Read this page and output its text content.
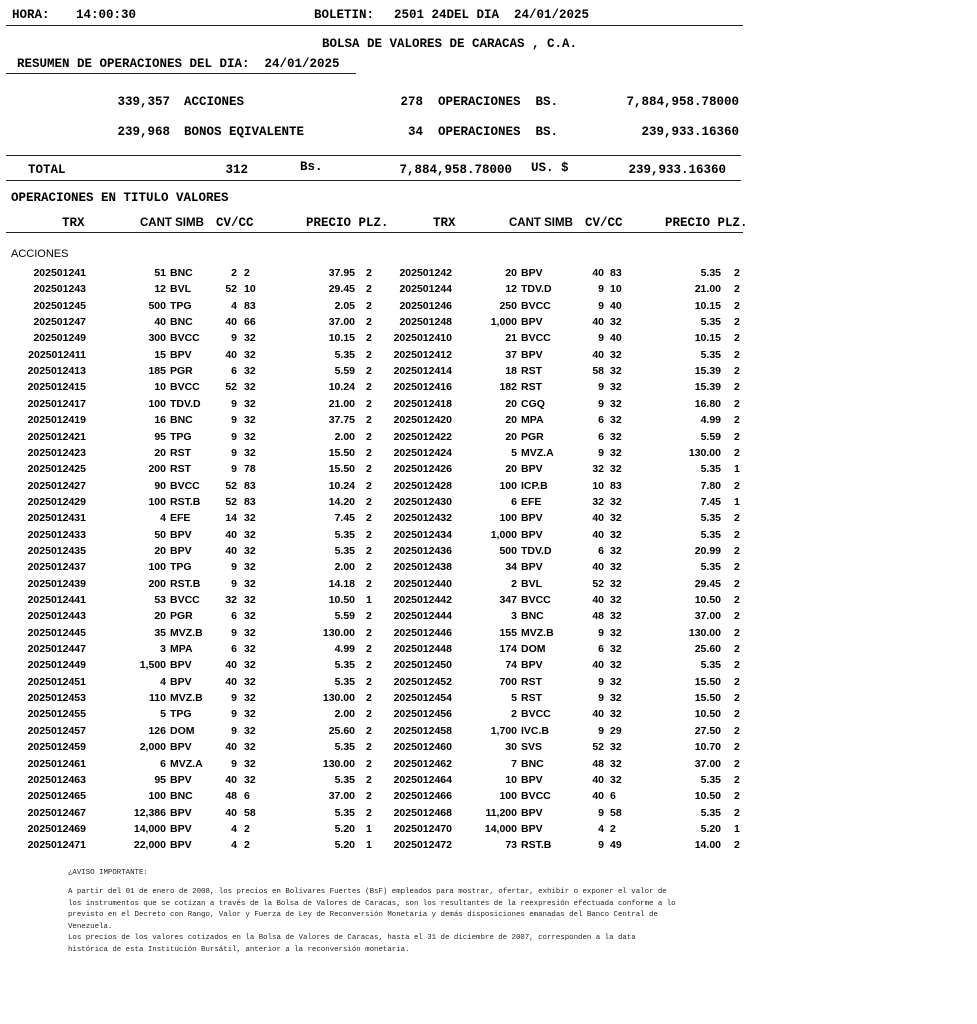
HORA: 14:00:30	BOLETIN: 2501 24DEL DIA  24/01/2025
BOLSA DE VALORES DE CARACAS , C.A.
RESUMEN DE OPERACIONES DEL DIA:  24/01/2025
339,357 ACCIONES	278 OPERACIONES  BS.	7,884,958.78000
239,968 BONOS EQIVALENTE	34 OPERACIONES  BS.	239,933.16360
TOTAL	312	Bs.	7,884,958.78000 US. $	239,933.16360
OPERACIONES EN TITULO VALORES
TRX	CANT SIMB CV/CC	PRECIO PLZ.	TRX	CANT SIMB CV/CC	PRECIO PLZ.
ACCIONES
202501241	51 BNC	2 2	37.95 2	202501242	20 BPV	40 83	5.35 2
202501243	12 BVL	52 10	29.45 2	202501244	12 TDV.D	9 10	21.00 2
202501245	500 TPG	4 83	2.05 2	202501246	250 BVCC	9 40	10.15 2
202501247	40 BNC	40 66	37.00 2	202501248	1,000 BPV	40 32	5.35 2
202501249	300 BVCC	9 32	10.15 2	2025012410	21 BVCC	9 40	10.15 2
2025012411	15 BPV	40 32	5.35 2	2025012412	37 BPV	40 32	5.35 2
2025012413	185 PGR	6 32	5.59 2	2025012414	18 RST	58 32	15.39 2
2025012415	10 BVCC	52 32	10.24 2	2025012416	182 RST	9 32	15.39 2
2025012417	100 TDV.D	9 32	21.00 2	2025012418	20 CGQ	9 32	16.80 2
2025012419	16 BNC	9 32	37.75 2	2025012420	20 MPA	6 32	4.99 2
2025012421	95 TPG	9 32	2.00 2	2025012422	20 PGR	6 32	5.59 2
2025012423	20 RST	9 32	15.50 2	2025012424	5 MVZ.A	9 32	130.00 2
2025012425	200 RST	9 78	15.50 2	2025012426	20 BPV	32 32	5.35 1
2025012427	90 BVCC	52 83	10.24 2	2025012428	100 ICP.B	10 83	7.80 2
2025012429	100 RST.B	52 83	14.20 2	2025012430	6 EFE	32 32	7.45 1
2025012431	4 EFE	14 32	7.45 2	2025012432	100 BPV	40 32	5.35 2
2025012433	50 BPV	40 32	5.35 2	2025012434	1,000 BPV	40 32	5.35 2
2025012435	20 BPV	40 32	5.35 2	2025012436	500 TDV.D	6 32	20.99 2
2025012437	100 TPG	9 32	2.00 2	2025012438	34 BPV	40 32	5.35 2
2025012439	200 RST.B	9 32	14.18 2	2025012440	2 BVL	52 32	29.45 2
2025012441	53 BVCC	32 32	10.50 1	2025012442	347 BVCC	40 32	10.50 2
2025012443	20 PGR	6 32	5.59 2	2025012444	3 BNC	48 32	37.00 2
2025012445	35 MVZ.B	9 32	130.00 2	2025012446	155 MVZ.B	9 32	130.00 2
2025012447	3 MPA	6 32	4.99 2	2025012448	174 DOM	6 32	25.60 2
2025012449	1,500 BPV	40 32	5.35 2	2025012450	74 BPV	40 32	5.35 2
2025012451	4 BPV	40 32	5.35 2	2025012452	700 RST	9 32	15.50 2
2025012453	110 MVZ.B	9 32	130.00 2	2025012454	5 RST	9 32	15.50 2
2025012455	5 TPG	9 32	2.00 2	2025012456	2 BVCC	40 32	10.50 2
2025012457	126 DOM	9 32	25.60 2	2025012458	1,700 IVC.B	9 29	27.50 2
2025012459	2,000 BPV	40 32	5.35 2	2025012460	30 SVS	52 32	10.70 2
2025012461	6 MVZ.A	9 32	130.00 2	2025012462	7 BNC	48 32	37.00 2
2025012463	95 BPV	40 32	5.35 2	2025012464	10 BPV	40 32	5.35 2
2025012465	100 BNC	48 6	37.00 2	2025012466	100 BVCC	40 6	10.50 2
2025012467	12,386 BPV	40 58	5.35 2	2025012468	11,200 BPV	9 58	5.35 2
2025012469	14,000 BPV	4 2	5.20 1	2025012470	14,000 BPV	4 2	5.20 1
2025012471	22,000 BPV	4 2	5.20 1	2025012472	73 RST.B	9 49	14.00 2
¿AVISO IMPORTANTE:
A partir del 01 de enero de 2008, los precios en Bolívares Fuertes (BsF) empleados para mostrar, ofertar, exhibir o exponer el valor de
los instrumentos que se cotizan a través de la Bolsa de Valores de Caracas, son los resultantes de la reexpresión efectuada conforme a lo
previsto en el Decreto con Rango, Valor y Fuerza de Ley de Reconversión Monetaria y demás disposiciones emanadas del Banco Central de
Venezuela.
Los precios de los valores cotizados en la Bolsa de Valores de Caracas, hasta el 31 de diciembre de 2007, corresponden a la data
histórica de esta Institución Bursátil, anterior a la reconversión monetaria.
